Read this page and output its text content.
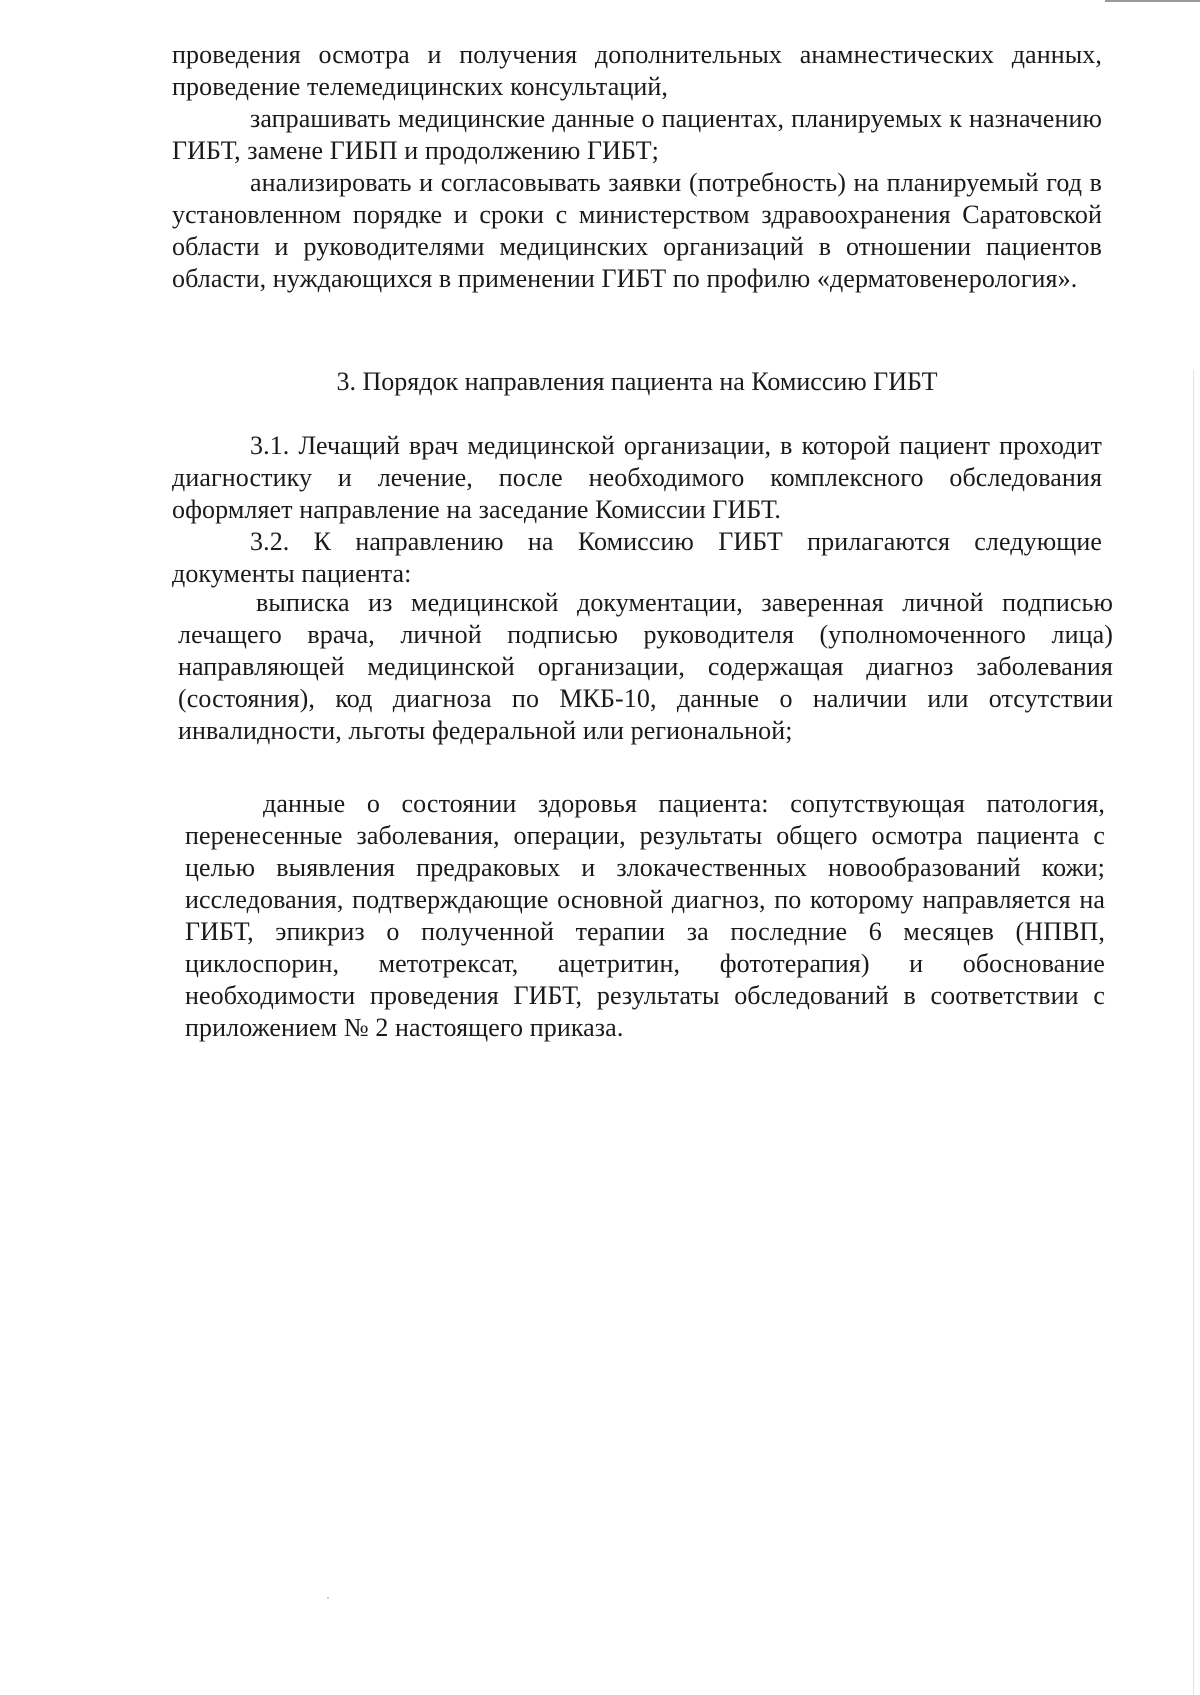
проведения осмотра и получения дополнительных анамнестических данных, проведение телемедицинских консультаций,

запрашивать медицинские данные о пациентах, планируемых к назначению ГИБТ, замене ГИБП и продолжению ГИБТ;

анализировать и согласовывать заявки (потребность) на планируемый год в установленном порядке и сроки с министерством здравоохранения Саратовской области и руководителями медицинских организаций в отношении пациентов области, нуждающихся в применении ГИБТ по профилю «дерматовенерология».

3. Порядок направления пациента на Комиссию ГИБТ

3.1. Лечащий врач медицинской организации, в которой пациент проходит диагностику и лечение, после необходимого комплексного обследования оформляет направление на заседание Комиссии ГИБТ.

3.2. К направлению на Комиссию ГИБТ прилагаются следующие документы пациента:

выписка из медицинской документации, заверенная личной подписью лечащего врача, личной подписью руководителя (уполномоченного лица) направляющей медицинской организации, содержащая диагноз заболевания (состояния), код диагноза по МКБ-10, данные о наличии или отсутствии инвалидности, льготы федеральной или региональной;

данные о состоянии здоровья пациента: сопутствующая патология, перенесенные заболевания, операции, результаты общего осмотра пациента с целью выявления предраковых и злокачественных новообразований кожи; исследования, подтверждающие основной диагноз, по которому направляется на ГИБТ, эпикриз о полученной терапии за последние 6 месяцев (НПВП, циклоспорин, метотрексат, ацетритин, фототерапия) и обоснование необходимости проведения ГИБТ, результаты обследований в соответствии с приложением № 2 настоящего приказа.
